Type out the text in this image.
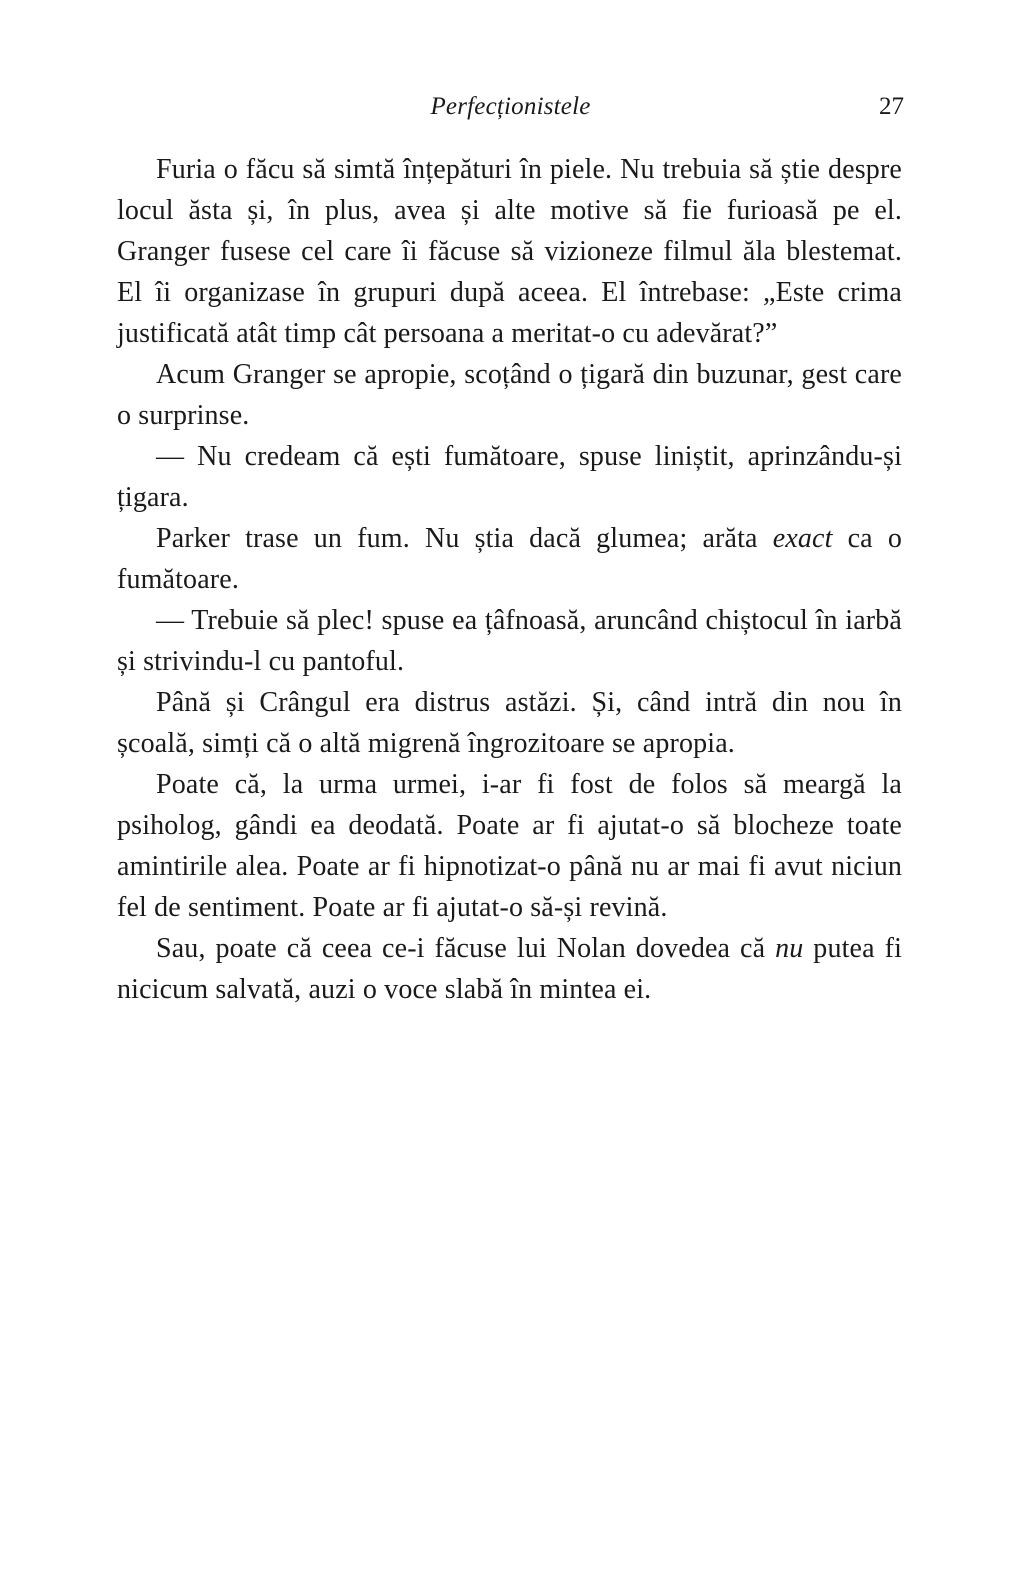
Perfecționistele	27

Furia o făcu să simtă înțepături în piele. Nu trebuia să știe despre locul ăsta și, în plus, avea și alte motive să fie furioasă pe el. Granger fusese cel care îi făcuse să vizioneze filmul ăla blestemat. El îi organizase în grupuri după aceea. El întrebase: „Este crima justificată atât timp cât persoana a meritat-o cu adevărat?”

Acum Granger se apropie, scoțând o țigară din buzunar, gest care o surprinse.

— Nu credeam că ești fumătoare, spuse liniștit, aprinzându-și țigara.

Parker trase un fum. Nu știa dacă glumea; arăta exact ca o fumătoare.

— Trebuie să plec! spuse ea țâfnoasă, aruncând chiștocul în iarbă și strivindu-l cu pantoful.

Până și Crângul era distrus astăzi. Și, când intră din nou în școală, simți că o altă migrenă îngrozitoare se apropia.

Poate că, la urma urmei, i-ar fi fost de folos să meargă la psiholog, gândi ea deodată. Poate ar fi ajutat-o să blocheze toate amintirile alea. Poate ar fi hipnotizat-o până nu ar mai fi avut niciun fel de sentiment. Poate ar fi ajutat-o să-și revină.

Sau, poate că ceea ce-i făcuse lui Nolan dovedea că nu putea fi nicicum salvată, auzi o voce slabă în mintea ei.
